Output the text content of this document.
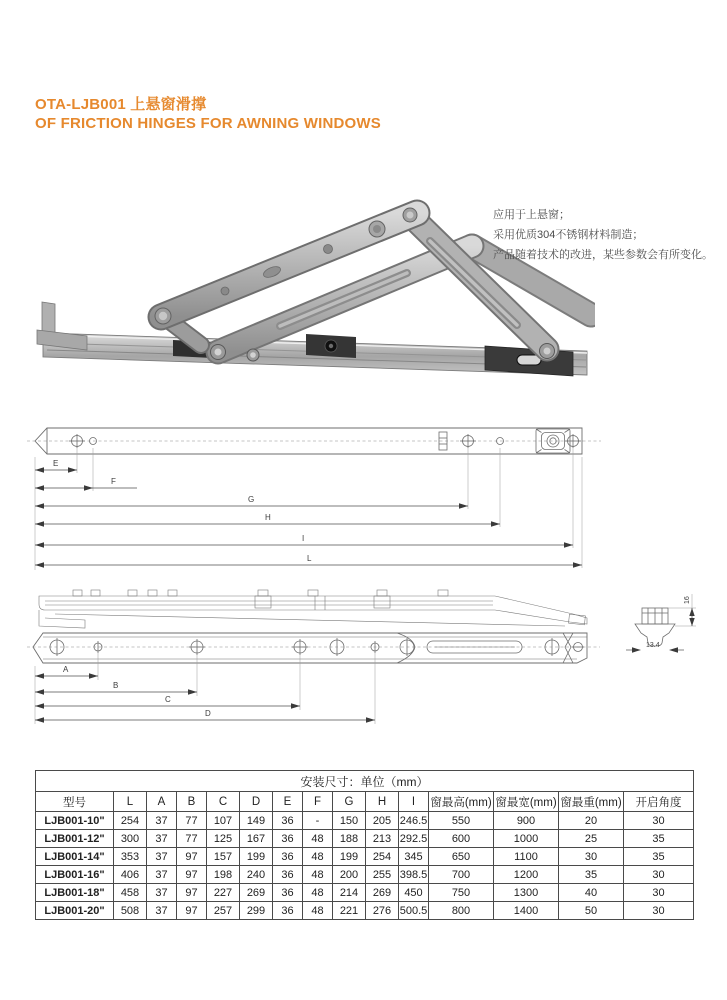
OTA-LJB001 上悬窗滑撑
OF FRICTION HINGES FOR AWNING WINDOWS
应用于上悬窗；
采用优质304不锈钢材料制造；
产品随着技术的改进，某些参数会有所变化。
E
F
G
H
I
L
A
B
C
D
16
13.4
安装尺寸：单位（mm）														
型号	L	A	B	C	D	E	F	G	H	I	窗最高(mm)	窗最宽(mm)	窗最重(mm)	开启角度
LJB001-10"	254	37	77	107	149	36	-	150	205	246.5	550	900	20	30
LJB001-12"	300	37	77	125	167	36	48	188	213	292.5	600	1000	25	35
LJB001-14"	353	37	97	157	199	36	48	199	254	345	650	1100	30	35
LJB001-16"	406	37	97	198	240	36	48	200	255	398.5	700	1200	35	30
LJB001-18"	458	37	97	227	269	36	48	214	269	450	750	1300	40	30
LJB001-20"	508	37	97	257	299	36	48	221	276	500.5	800	1400	50	30
